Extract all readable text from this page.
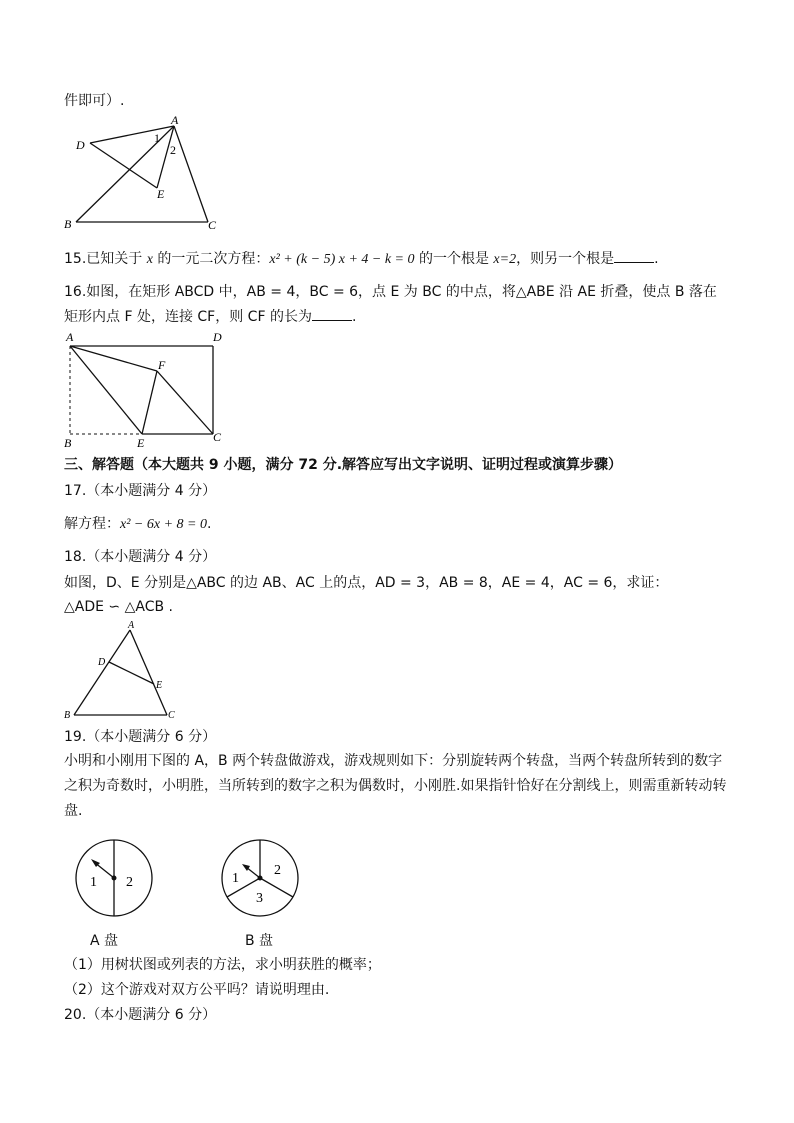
件即可）.
A
D
E
B	C
1
2
15.已知关于 x 的一元二次方程：x² + (k − 5) x + 4 − k = 0 的一个根是 x=2，则另一个根是	.
16.如图，在矩形 ABCD 中，AB = 4，BC = 6，点 E 为 BC 的中点，将△ABE 沿 AE 折叠，使点 B 落在
矩形内点 F 处，连接 CF，则 CF 的长为	.
A	D
F
B	E	C
三、解答题（本大题共 9 小题，满分 72 分.解答应写出文字说明、证明过程或演算步骤）
17.（本小题满分 4 分）
解方程：x² − 6x + 8 = 0.
18.（本小题满分 4 分）
如图，D、E 分别是△ABC 的边 AB、AC 上的点，AD = 3，AB = 8，AE = 4，AC = 6，求证：
△ADE ∽ △ACB .
A
D
E
B	C
19.（本小题满分 6 分）
小明和小刚用下图的 A，B 两个转盘做游戏，游戏规则如下：分别旋转两个转盘，当两个转盘所转到的数字
之积为奇数时，小明胜，当所转到的数字之积为偶数时，小刚胜.如果指针恰好在分割线上，则需重新转动转
盘.
1 2
A 盘
1
2
3
B 盘
（1）用树状图或列表的方法，求小明获胜的概率；
（2）这个游戏对双方公平吗？请说明理由.
20.（本小题满分 6 分）
